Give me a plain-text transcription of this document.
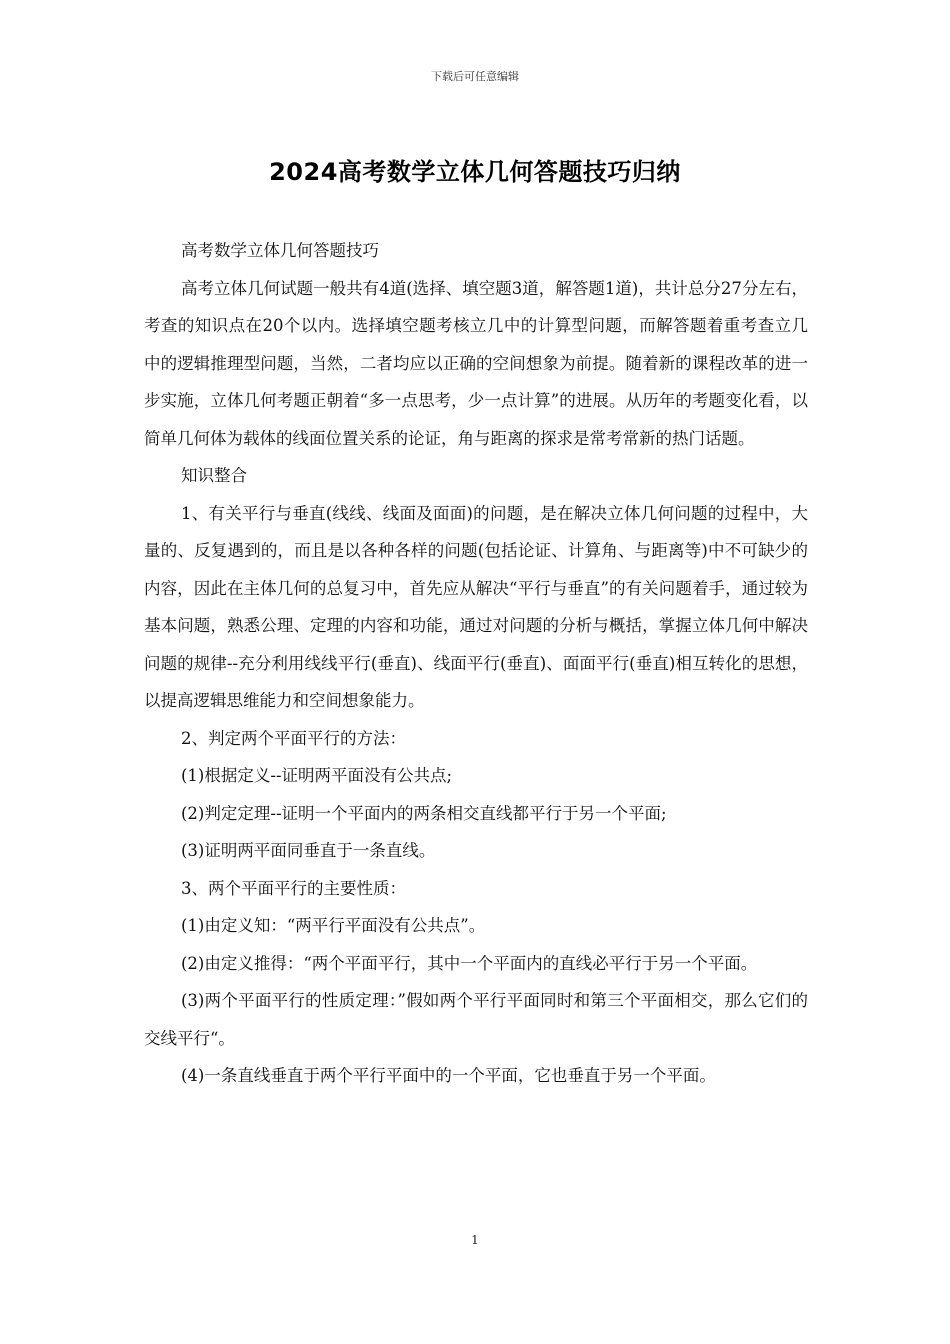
下载后可任意编辑
2024高考数学立体几何答题技巧归纳

高考数学立体几何答题技巧

高考立体几何试题一般共有4道(选择、填空题3道，解答题1道)，共计总分27分左右，考查的知识点在20个以内。选择填空题考核立几中的计算型问题，而解答题着重考查立几中的逻辑推理型问题，当然，二者均应以正确的空间想象为前提。随着新的课程改革的进一步实施，立体几何考题正朝着“多一点思考，少一点计算”的进展。从历年的考题变化看，以简单几何体为载体的线面位置关系的论证，角与距离的探求是常考常新的热门话题。

知识整合

1、有关平行与垂直(线线、线面及面面)的问题，是在解决立体几何问题的过程中，大量的、反复遇到的，而且是以各种各样的问题(包括论证、计算角、与距离等)中不可缺少的内容，因此在主体几何的总复习中，首先应从解决“平行与垂直”的有关问题着手，通过较为基本问题，熟悉公理、定理的内容和功能，通过对问题的分析与概括，掌握立体几何中解决问题的规律--充分利用线线平行(垂直)、线面平行(垂直)、面面平行(垂直)相互转化的思想，以提高逻辑思维能力和空间想象能力。

2、判定两个平面平行的方法：

(1)根据定义--证明两平面没有公共点;

(2)判定定理--证明一个平面内的两条相交直线都平行于另一个平面;

(3)证明两平面同垂直于一条直线。

3、两个平面平行的主要性质：

(1)由定义知：“两平行平面没有公共点”。

(2)由定义推得：“两个平面平行，其中一个平面内的直线必平行于另一个平面。

(3)两个平面平行的性质定理：”假如两个平行平面同时和第三个平面相交，那么它们的交线平行“。

(4)一条直线垂直于两个平行平面中的一个平面，它也垂直于另一个平面。

1
